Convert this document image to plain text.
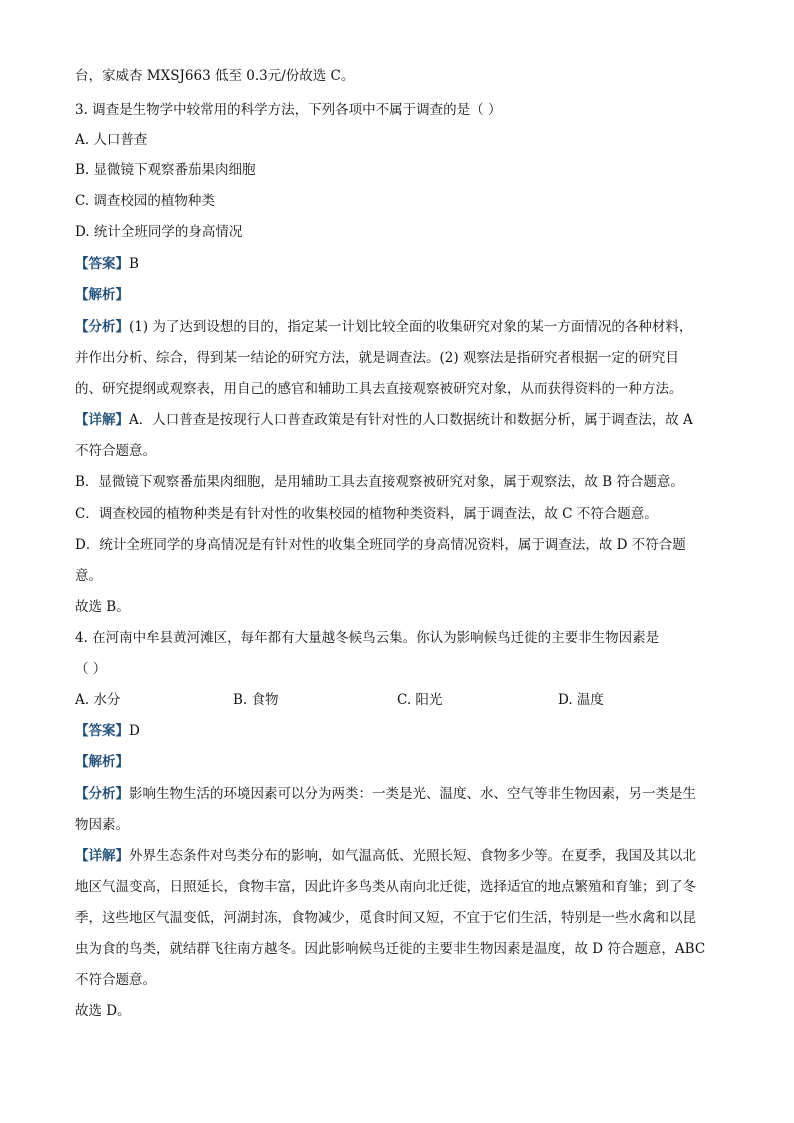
台，家威杏 MXSJ663 低至 0.3元/份故选 C。
3. 调查是生物学中较常用的科学方法，下列各项中不属于调查的是（ ）
A. 人口普查
B. 显微镜下观察番茄果肉细胞
C. 调查校园的植物种类
D. 统计全班同学的身高情况
【答案】B
【解析】
【分析】(1) 为了达到设想的目的，指定某一计划比较全面的收集研究对象的某一方面情况的各种材料，
并作出分析、综合，得到某一结论的研究方法，就是调查法。(2) 观察法是指研究者根据一定的研究目
的、研究提纲或观察表，用自己的感官和辅助工具去直接观察被研究对象，从而获得资料的一种方法。
【详解】A．人口普查是按现行人口普查政策是有针对性的人口数据统计和数据分析，属于调查法，故 A
不符合题意。
B．显微镜下观察番茄果肉细胞，是用辅助工具去直接观察被研究对象，属于观察法，故 B 符合题意。
C．调查校园的植物种类是有针对性的收集校园的植物种类资料，属于调查法，故 C 不符合题意。
D．统计全班同学的身高情况是有针对性的收集全班同学的身高情况资料，属于调查法，故 D 不符合题
意。
故选 B。
4. 在河南中牟县黄河滩区，每年都有大量越冬候鸟云集。你认为影响候鸟迁徙的主要非生物因素是
（ ）
A. 水分	B. 食物	C. 阳光	D. 温度
【答案】D
【解析】
【分析】影响生物生活的环境因素可以分为两类：一类是光、温度、水、空气等非生物因素，另一类是生
物因素。
【详解】外界生态条件对鸟类分布的影响，如气温高低、光照长短、食物多少等。在夏季，我国及其以北
地区气温变高，日照延长，食物丰富，因此许多鸟类从南向北迁徙，选择适宜的地点繁殖和育雏；到了冬
季，这些地区气温变低，河湖封冻，食物减少，觅食时间又短，不宜于它们生活，特别是一些水禽和以昆
虫为食的鸟类，就结群飞往南方越冬。因此影响候鸟迁徙的主要非生物因素是温度，故 D 符合题意，ABC
不符合题意。
故选 D。
